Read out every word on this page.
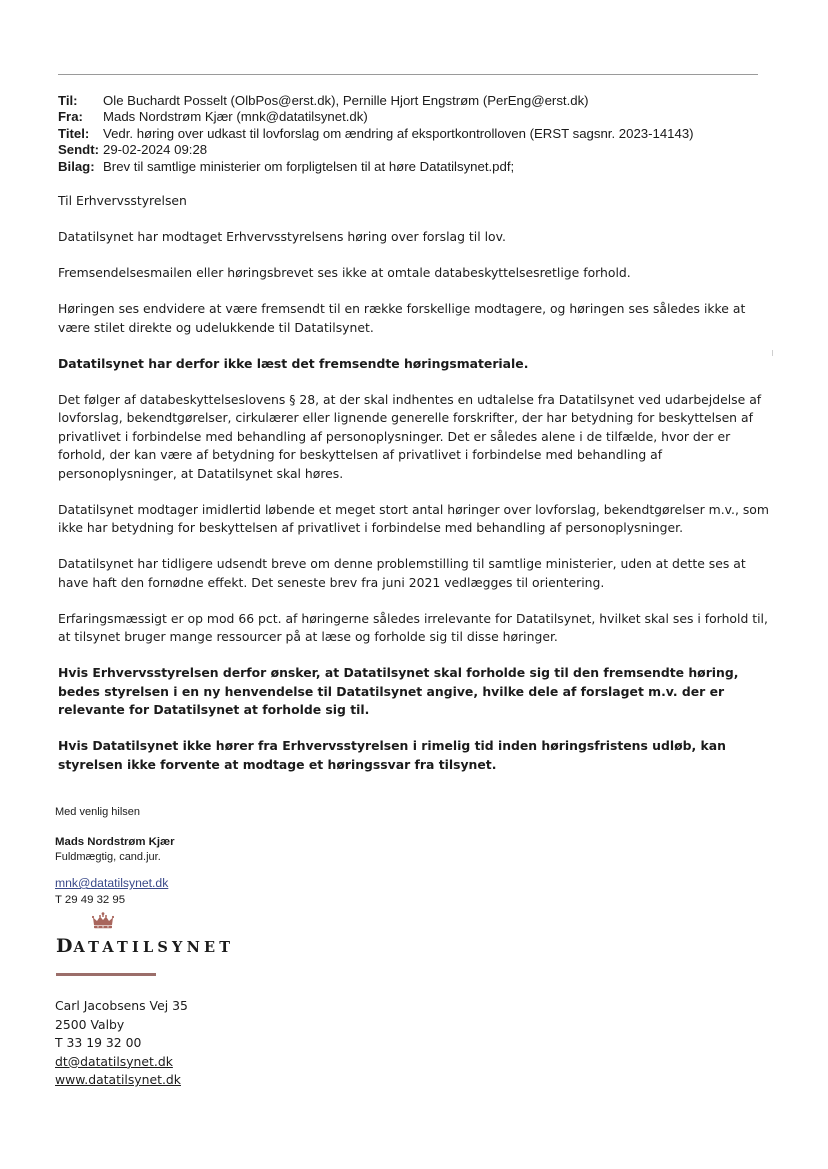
Til:	Ole Buchardt Posselt (OlbPos@erst.dk), Pernille Hjort Engstrøm (PerEng@erst.dk)
Fra:	Mads Nordstrøm Kjær (mnk@datatilsynet.dk)
Titel:	Vedr. høring over udkast til lovforslag om ændring af eksportkontrolloven (ERST sagsnr. 2023-14143)
Sendt: 29-02-2024 09:28
Bilag: Brev til samtlige ministerier om forpligtelsen til at høre Datatilsynet.pdf;

Til Erhvervsstyrelsen

Datatilsynet har modtaget Erhvervsstyrelsens høring over forslag til lov.

Fremsendelsesmailen eller høringsbrevet ses ikke at omtale databeskyttelsesretlige forhold.

Høringen ses endvidere at være fremsendt til en række forskellige modtagere, og høringen ses således ikke at være stilet direkte og udelukkende til Datatilsynet.

Datatilsynet har derfor ikke læst det fremsendte høringsmateriale.

Det følger af databeskyttelseslovens § 28, at der skal indhentes en udtalelse fra Datatilsynet ved udarbejdelse af lovforslag, bekendtgørelser, cirkulærer eller lignende generelle forskrifter, der har betydning for beskyttelsen af privatlivet i forbindelse med behandling af personoplysninger. Det er således alene i de tilfælde, hvor der er forhold, der kan være af betydning for beskyttelsen af privatlivet i forbindelse med behandling af personoplysninger, at Datatilsynet skal høres.

Datatilsynet modtager imidlertid løbende et meget stort antal høringer over lovforslag, bekendtgørelser m.v., som ikke har betydning for beskyttelsen af privatlivet i forbindelse med behandling af personoplysninger.

Datatilsynet har tidligere udsendt breve om denne problemstilling til samtlige ministerier, uden at dette ses at have haft den fornødne effekt. Det seneste brev fra juni 2021 vedlægges til orientering.

Erfaringsmæssigt er op mod 66 pct. af høringerne således irrelevante for Datatilsynet, hvilket skal ses i forhold til, at tilsynet bruger mange ressourcer på at læse og forholde sig til disse høringer.

Hvis Erhvervsstyrelsen derfor ønsker, at Datatilsynet skal forholde sig til den fremsendte høring, bedes styrelsen i en ny henvendelse til Datatilsynet angive, hvilke dele af forslaget m.v. der er relevante for Datatilsynet at forholde sig til.

Hvis Datatilsynet ikke hører fra Erhvervsstyrelsen i rimelig tid inden høringsfristens udløb, kan styrelsen ikke forvente at modtage et høringssvar fra tilsynet.

Med venlig hilsen
Mads Nordstrøm Kjær
Fuldmægtig, cand.jur.
mnk@datatilsynet.dk
T 29 49 32 95
DATATILSYNET
Carl Jacobsens Vej 35
2500 Valby
T 33 19 32 00
dt@datatilsynet.dk
www.datatilsynet.dk
